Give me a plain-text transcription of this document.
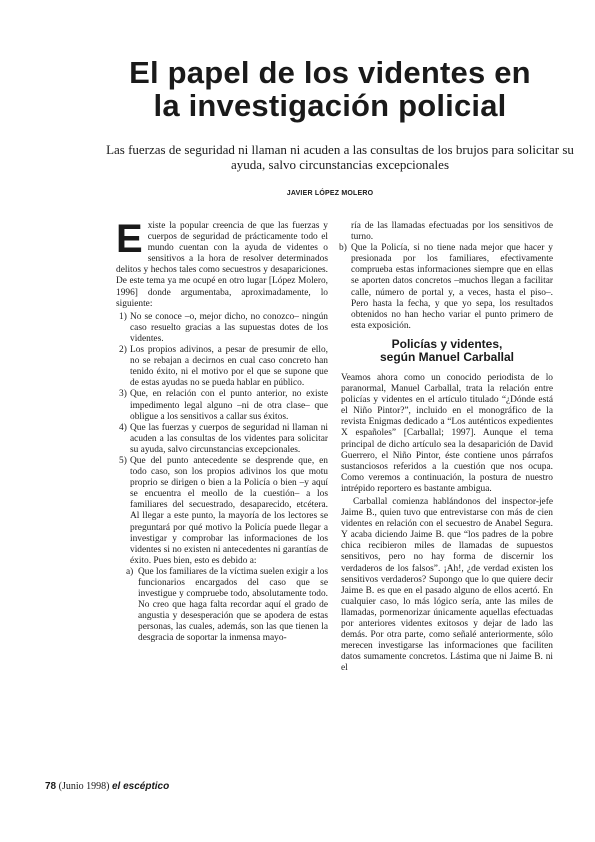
El papel de los videntes en
la investigación policial
Las fuerzas de seguridad ni llaman ni acuden a las consultas de los brujos para solicitar su ayuda, salvo circunstancias excepcionales
JAVIER LÓPEZ MOLERO

Existe la popular creencia de que las fuerzas y cuerpos de seguridad de prácticamente todo el mundo cuentan con la ayuda de videntes o sensitivos a la hora de resolver determinados delitos y hechos tales como secuestros y desapariciones. De este tema ya me ocupé en otro lugar [López Molero, 1996] donde argumentaba, aproximadamente, lo siguiente:

1) No se conoce –o, mejor dicho, no conozco– ningún caso resuelto gracias a las supuestas dotes de los videntes.
2) Los propios adivinos, a pesar de presumir de ello, no se rebajan a decirnos en cual caso concreto han tenido éxito, ni el motivo por el que se supone que de estas ayudas no se pueda hablar en público.
3) Que, en relación con el punto anterior, no existe impedimento legal alguno –ni de otra clase– que obligue a los sensitivos a callar sus éxitos.
4) Que las fuerzas y cuerpos de seguridad ni llaman ni acuden a las consultas de los videntes para solicitar su ayuda, salvo circunstancias excepcionales.
5) Que del punto antecedente se desprende que, en todo caso, son los propios adivinos los que motu proprio se dirigen o bien a la Policía o bien –y aquí se encuentra el meollo de la cuestión– a los familiares del secuestrado, desaparecido, etcétera. Al llegar a este punto, la mayoría de los lectores se preguntará por qué motivo la Policía puede llegar a investigar y comprobar las informaciones de los videntes si no existen ni antecedentes ni garantías de éxito. Pues bien, esto es debido a:
a) Que los familiares de la víctima suelen exigir a los funcionarios encargados del caso que se investigue y compruebe todo, absolutamente todo. No creo que haga falta recordar aquí el grado de angustia y desesperación que se apodera de estas personas, las cuales, además, son las que tienen la desgracia de soportar la inmensa mayo-
ría de las llamadas efectuadas por los sensitivos de turno.
b) Que la Policía, si no tiene nada mejor que hacer y presionada por los familiares, efectivamente comprueba estas informaciones siempre que en ellas se aporten datos concretos –muchos llegan a facilitar calle, número de portal y, a veces, hasta el piso–. Pero hasta la fecha, y que yo sepa, los resultados obtenidos no han hecho variar el punto primero de esta exposición.
Policías y videntes,
según Manuel Carballal

Veamos ahora como un conocido periodista de lo paranormal, Manuel Carballal, trata la relación entre policías y videntes en el artículo titulado “¿Dónde está el Niño Pintor?”, incluido en el monográfico de la revista Enigmas dedicado a “Los auténticos expedientes X españoles” [Carballal; 1997]. Aunque el tema principal de dicho artículo sea la desaparición de David Guerrero, el Niño Pintor, éste contiene unos párrafos sustanciosos referidos a la cuestión que nos ocupa. Como veremos a continuación, la postura de nuestro intrépido reportero es bastante ambigua.

Carballal comienza hablándonos del inspector-jefe Jaime B., quien tuvo que entrevistarse con más de cien videntes en relación con el secuestro de Anabel Segura. Y acaba diciendo Jaime B. que “los padres de la pobre chica recibieron miles de llamadas de supuestos sensitivos, pero no hay forma de discernir los verdaderos de los falsos”. ¡Ah!, ¿de verdad existen los sensitivos verdaderos? Supongo que lo que quiere decir Jaime B. es que en el pasado alguno de ellos acertó. En cualquier caso, lo más lógico sería, ante las miles de llamadas, pormenorizar únicamente aquellas efectuadas por anteriores videntes exitosos y dejar de lado las demás. Por otra parte, como señalé anteriormente, sólo merecen investigarse las informaciones que faciliten datos sumamente concretos. Lástima que ni Jaime B. ni el

78 (Junio 1998) el escéptico
